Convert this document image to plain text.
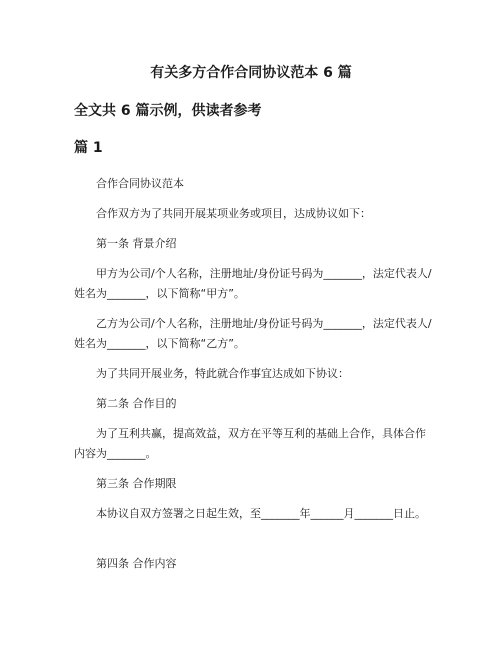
有关多方合作合同协议范本 6 篇
全文共 6 篇示例，供读者参考
篇 1
合作合同协议范本
合作双方为了共同开展某项业务或项目，达成协议如下：
第一条 背景介绍
甲方为公司/个人名称，注册地址/身份证号码为_______，法定代表人/姓名为_______，以下简称“甲方”。
乙方为公司/个人名称，注册地址/身份证号码为_______，法定代表人/姓名为_______，以下简称“乙方”。
为了共同开展业务，特此就合作事宜达成如下协议：
第二条 合作目的
为了互利共赢，提高效益，双方在平等互利的基础上合作，具体合作内容为_______。
第三条 合作期限
本协议自双方签署之日起生效，至_______年______月_______日止。
第四条 合作内容
